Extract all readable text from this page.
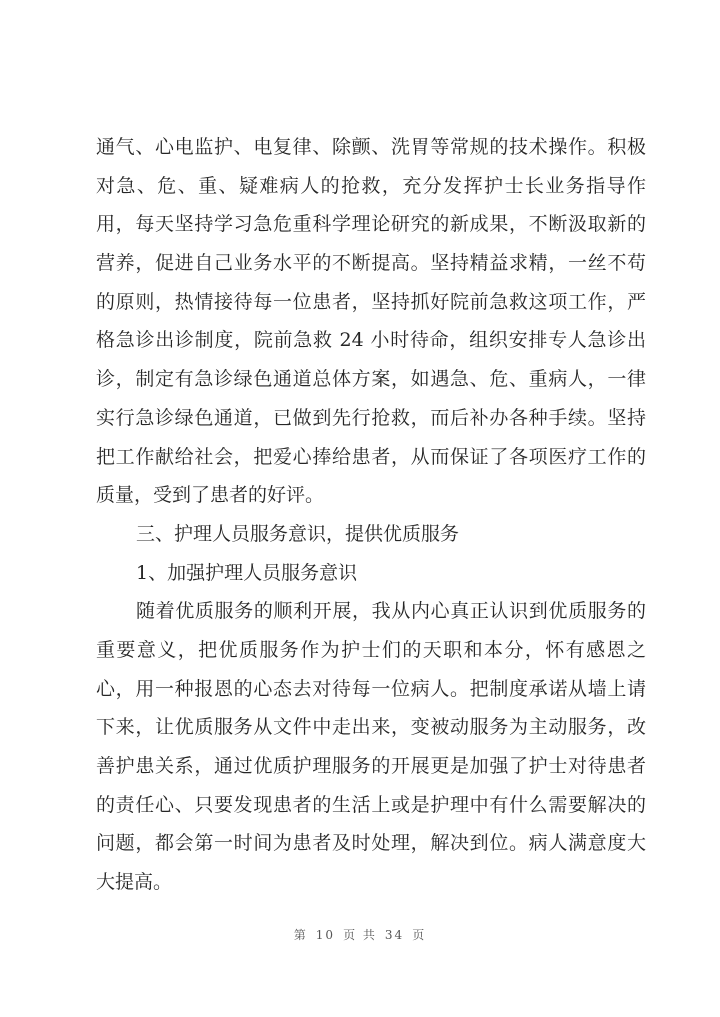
通气、心电监护、电复律、除颤、洗胃等常规的技术操作。积极
对急、危、重、疑难病人的抢救，充分发挥护士长业务指导作
用，每天坚持学习急危重科学理论研究的新成果，不断汲取新的
营养，促进自己业务水平的不断提高。坚持精益求精，一丝不苟
的原则，热情接待每一位患者，坚持抓好院前急救这项工作，严
格急诊出诊制度，院前急救 24 小时待命，组织安排专人急诊出
诊，制定有急诊绿色通道总体方案，如遇急、危、重病人，一律
实行急诊绿色通道，已做到先行抢救，而后补办各种手续。坚持
把工作献给社会，把爱心捧给患者，从而保证了各项医疗工作的
质量，受到了患者的好评。
三、护理人员服务意识，提供优质服务
1、加强护理人员服务意识
随着优质服务的顺利开展，我从内心真正认识到优质服务的
重要意义，把优质服务作为护士们的天职和本分，怀有感恩之
心，用一种报恩的心态去对待每一位病人。把制度承诺从墙上请
下来，让优质服务从文件中走出来，变被动服务为主动服务，改
善护患关系，通过优质护理服务的开展更是加强了护士对待患者
的责任心、只要发现患者的生活上或是护理中有什么需要解决的
问题，都会第一时间为患者及时处理，解决到位。病人满意度大
大提高。
第 10 页 共 34 页
